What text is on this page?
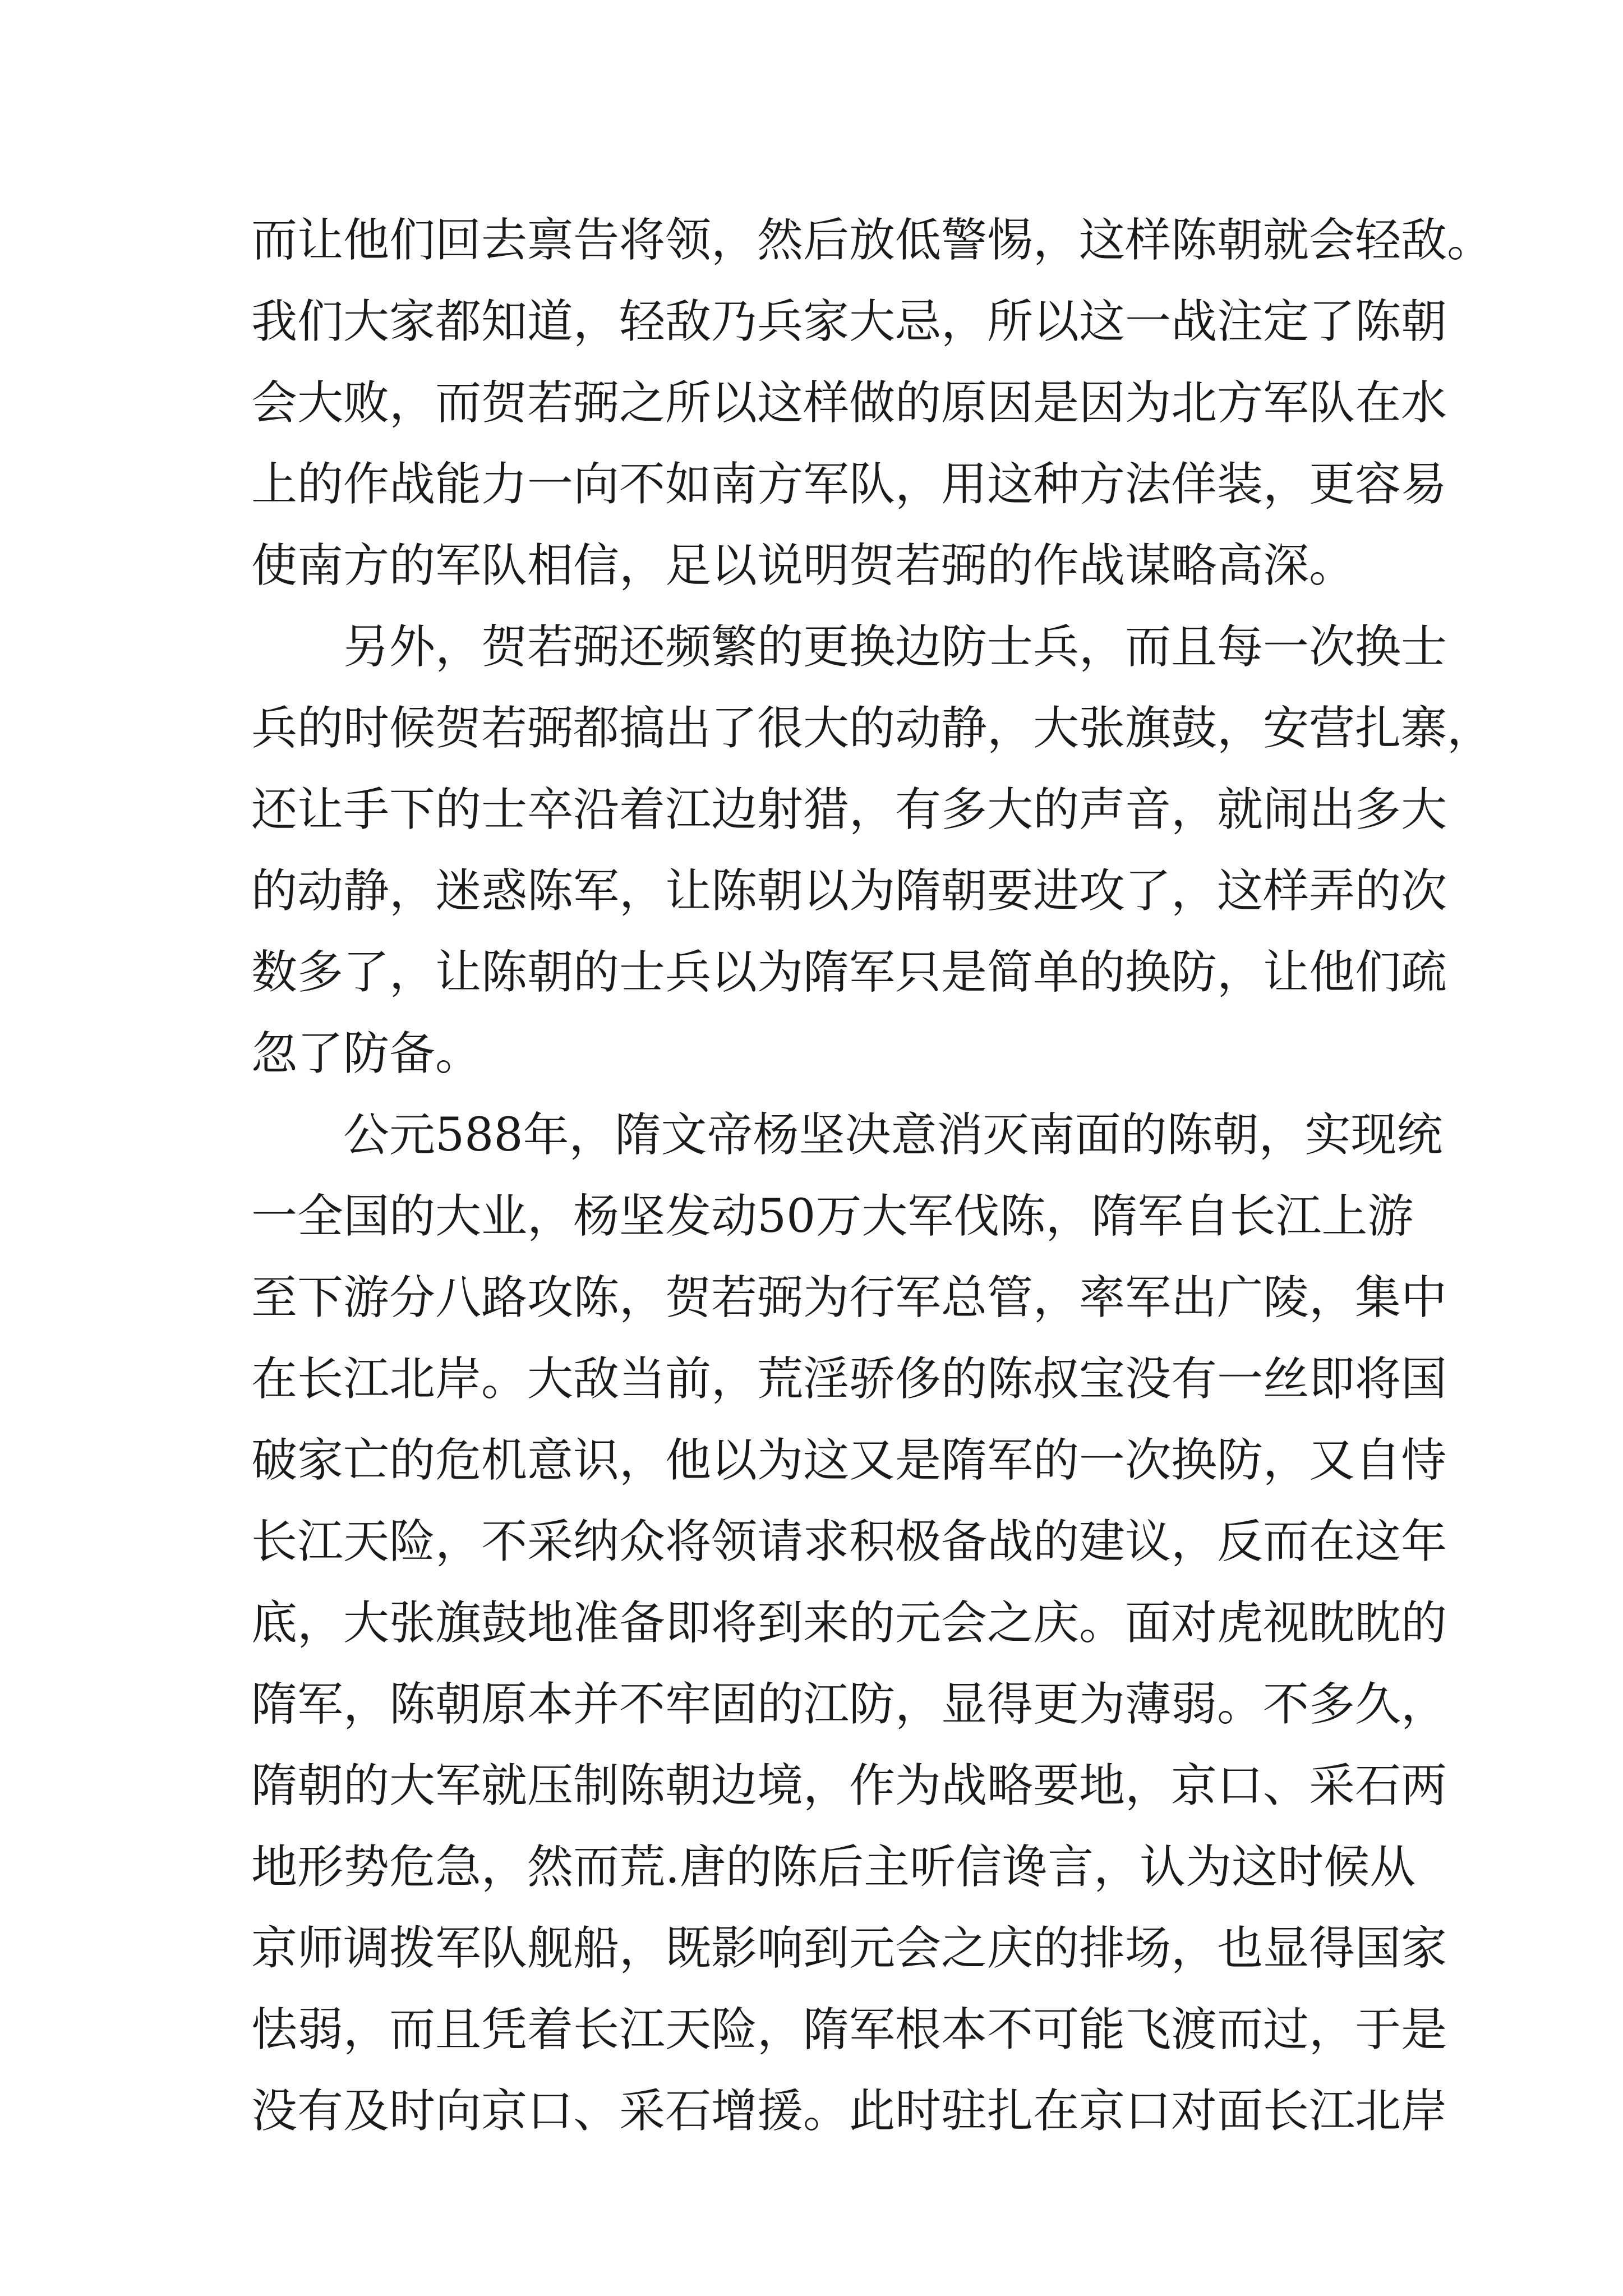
而让他们回去禀告将领，然后放低警惕，这样陈朝就会轻敌。
我们大家都知道，轻敌乃兵家大忌，所以这一战注定了陈朝
会大败，而贺若弼之所以这样做的原因是因为北方军队在水
上的作战能力一向不如南方军队，用这种方法佯装，更容易
使南方的军队相信，足以说明贺若弼的作战谋略高深。
另外，贺若弼还频繁的更换边防士兵，而且每一次换士
兵的时候贺若弼都搞出了很大的动静，大张旗鼓，安营扎寨，
还让手下的士卒沿着江边射猎，有多大的声音，就闹出多大
的动静，迷惑陈军，让陈朝以为隋朝要进攻了，这样弄的次
数多了，让陈朝的士兵以为隋军只是简单的换防，让他们疏
忽了防备。
公元588年，隋文帝杨坚决意消灭南面的陈朝，实现统
一全国的大业，杨坚发动50万大军伐陈，隋军自长江上游
至下游分八路攻陈，贺若弼为行军总管，率军出广陵，集中
在长江北岸。大敌当前，荒淫骄侈的陈叔宝没有一丝即将国
破家亡的危机意识，他以为这又是隋军的一次换防，又自恃
长江天险，不采纳众将领请求积极备战的建议，反而在这年
底，大张旗鼓地准备即将到来的元会之庆。面对虎视眈眈的
隋军，陈朝原本并不牢固的江防，显得更为薄弱。不多久，
隋朝的大军就压制陈朝边境，作为战略要地，京口、采石两
地形势危急，然而荒.唐的陈后主听信谗言，认为这时候从
京师调拨军队舰船，既影响到元会之庆的排场，也显得国家
怯弱，而且凭着长江天险，隋军根本不可能飞渡而过，于是
没有及时向京口、采石增援。此时驻扎在京口对面长江北岸
